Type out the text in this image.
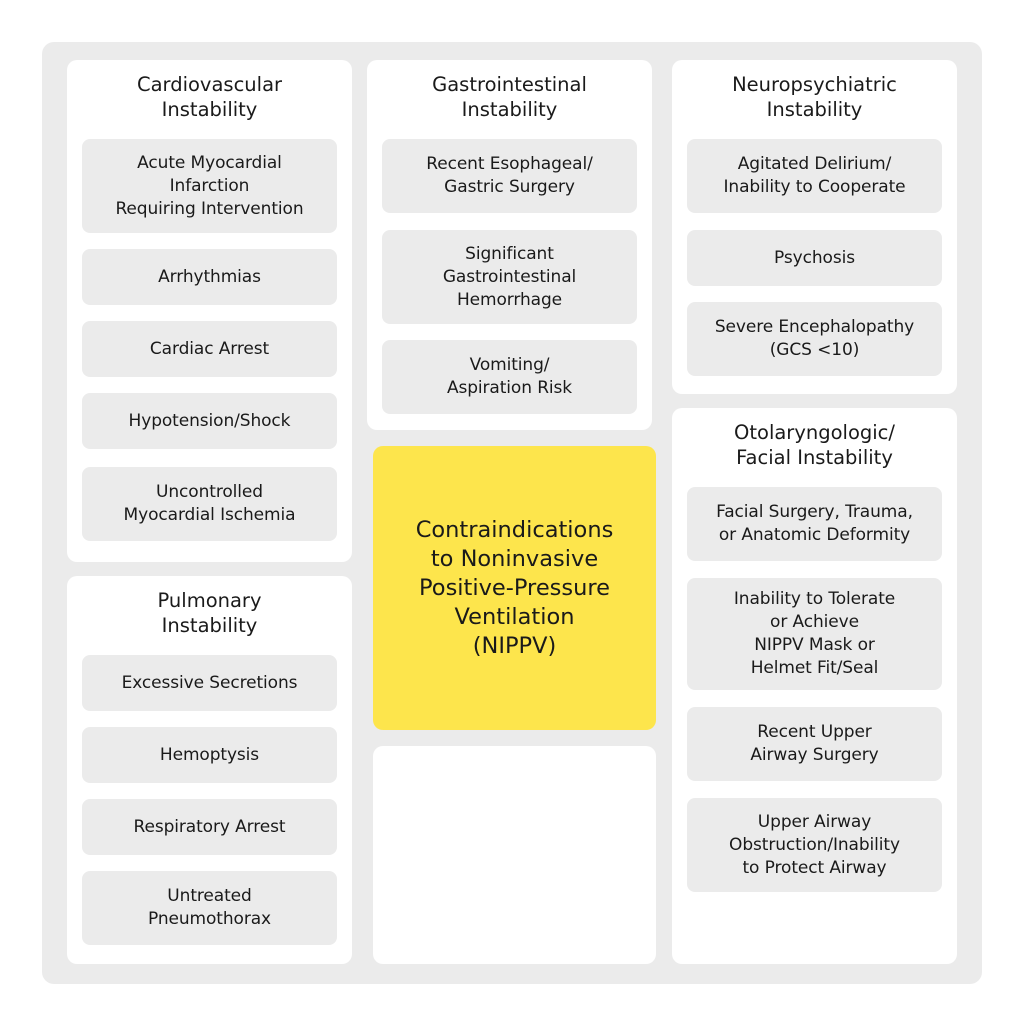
Cardiovascular
Instability
Acute Myocardial
Infarction
Requiring Intervention
Arrhythmias
Cardiac Arrest
Hypotension/Shock
Uncontrolled
Myocardial Ischemia
Pulmonary
Instability
Excessive Secretions
Hemoptysis
Respiratory Arrest
Untreated
Pneumothorax
Gastrointestinal
Instability
Recent Esophageal/
Gastric Surgery
Significant
Gastrointestinal
Hemorrhage
Vomiting/
Aspiration Risk
Contraindications
to Noninvasive
Positive-Pressure
Ventilation
(NIPPV)
Neuropsychiatric
Instability
Agitated Delirium/
Inability to Cooperate
Psychosis
Severe Encephalopathy
(GCS <10)
Otolaryngologic/
Facial Instability
Facial Surgery, Trauma,
or Anatomic Deformity
Inability to Tolerate
or Achieve
NIPPV Mask or
Helmet Fit/Seal
Recent Upper
Airway Surgery
Upper Airway
Obstruction/Inability
to Protect Airway
